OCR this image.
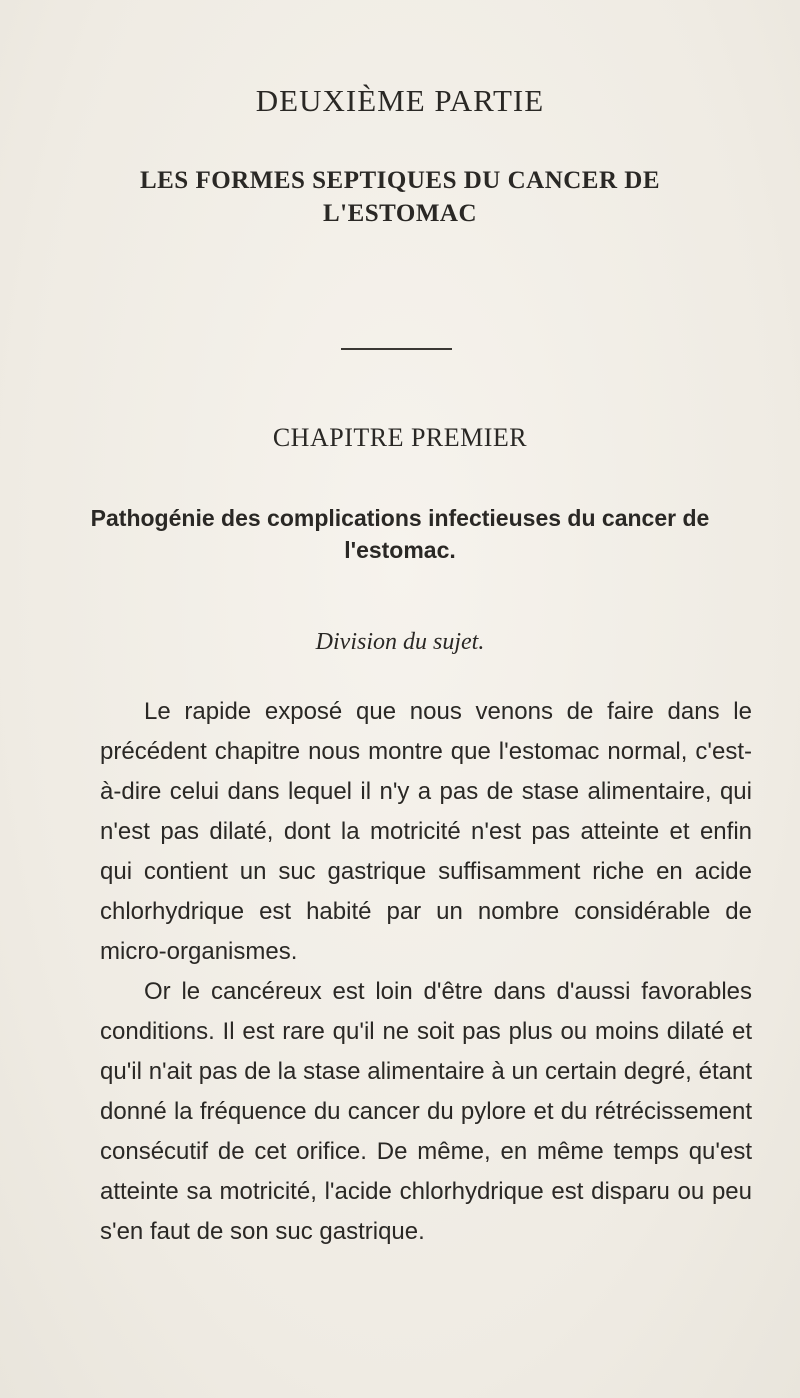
DEUXIÈME PARTIE
LES FORMES SEPTIQUES DU CANCER DE L'ESTOMAC
CHAPITRE PREMIER
Pathogénie des complications infectieuses du cancer de l'estomac.
Division du sujet.

Le rapide exposé que nous venons de faire dans le précédent chapitre nous montre que l'estomac normal, c'est-à-dire celui dans lequel il n'y a pas de stase alimentaire, qui n'est pas dilaté, dont la motricité n'est pas atteinte et enfin qui contient un suc gastrique suffisamment riche en acide chlorhydrique est habité par un nombre considérable de micro-organismes.

Or le cancéreux est loin d'être dans d'aussi favorables conditions. Il est rare qu'il ne soit pas plus ou moins dilaté et qu'il n'ait pas de la stase alimentaire à un certain degré, étant donné la fréquence du cancer du pylore et du rétrécissement consécutif de cet orifice. De même, en même temps qu'est atteinte sa motricité, l'acide chlorhydrique est disparu ou peu s'en faut de son suc gastrique.
